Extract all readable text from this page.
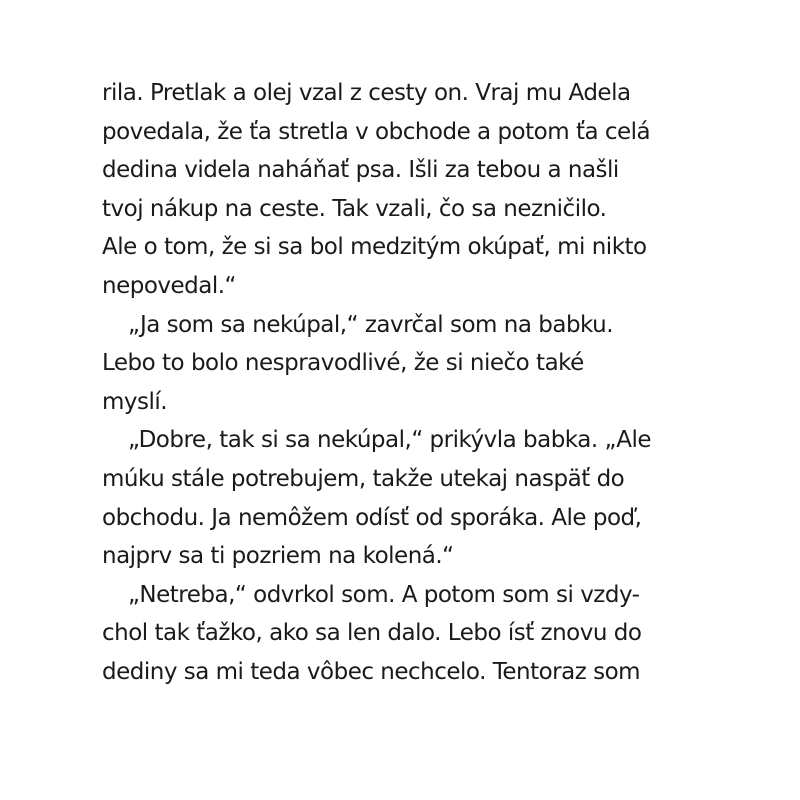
rila. Pretlak a olej vzal z cesty on. Vraj mu Adela
povedala, že ťa stretla v obchode a potom ťa celá
dedina videla naháňať psa. Išli za tebou a našli
tvoj nákup na ceste. Tak vzali, čo sa nezničilo.
Ale o tom, že si sa bol medzitým okúpať, mi nikto
nepovedal.“
„Ja som sa nekúpal,“ zavrčal som na babku.
Lebo to bolo nespravodlivé, že si niečo také
myslí.
„Dobre, tak si sa nekúpal,“ prikývla babka. „Ale
múku stále potrebujem, takže utekaj naspäť do
obchodu. Ja nemôžem odísť od sporáka. Ale poď,
najprv sa ti pozriem na kolená.“
„Netreba,“ odvrkol som. A potom som si vzdy-
chol tak ťažko, ako sa len dalo. Lebo ísť znovu do
dediny sa mi teda vôbec nechcelo. Tentoraz som
